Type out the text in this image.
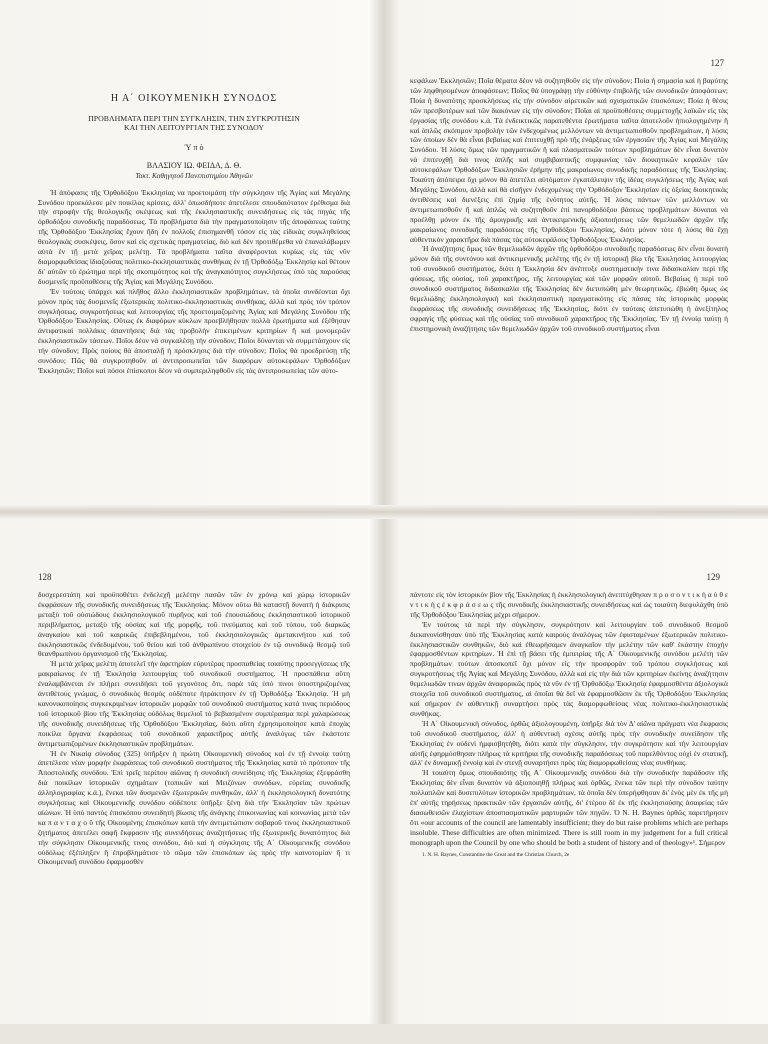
Η Α΄ ΟΙΚΟΥΜΕΝΙΚΗ ΣΥΝΟΔΟΣ
ΠΡΟΒΛΗΜΑΤΑ ΠΕΡΙ ΤΗΝ ΣΥΓΚΛΗΣΙΝ, ΤΗΝ ΣΥΓΚΡΟΤΗΣΙΝ
ΚΑΙ ΤΗΝ ΛΕΙΤΟΥΡΓΙΑΝ ΤΗΣ ΣΥΝΟΔΟΥ
Ὑ π ὸ
ΒΛΑΣΙΟΥ ΙΩ. ΦΕΙΔΑ, Δ. Θ.
Τακτ. Καθηγητοῦ Πανεπιστημίου Ἀθηνῶν

Ἡ ἀπόφασις τῆς Ὀρθοδόξου Ἐκκλησίας να προετοιμάση τὴν σύγκλησιν τῆς Ἁγίας καὶ Μεγάλης Συνόδου προεκάλεσε μὲν ποικίλας κρίσεις, ἀλλ' ὁπωσδήποτε ἀπετέλεσε σπουδαιότατον ἐρέθισμα διὰ τὴν στροφὴν τῆς θεολογικῆς σκέψεως καὶ τῆς ἐκκλησιαστικῆς συνειδήσεως εἰς τὰς πηγὰς τῆς ὀρθοδόξου συνοδικῆς παραδόσεως. Τὰ προβλήματα διὰ τὴν πραγματοποίησιν τῆς ἀποφάσεως ταύτης τῆς Ὀρθοδόξου Ἐκκλησίας ἔχουν ἤδη ἐν πολλοῖς ἐπισημανθῆ τόσον εἰς τὰς εἰδικὰς συγκληθείσας θεολογικὰς συσκέψεις, ὅσον καὶ εἰς σχετικὰς πραγματείας, διὸ καὶ δὲν προτιθέμεθα νὰ ἐπαναλάβωμεν αὐτὰ ἐν τῇ μετὰ χεῖρας μελέτῃ. Τὰ προβλήματα ταῦτα ἀναφέρονται κυρίως εἰς τὰς νῦν διαμορφωθείσας ἰδιαζούσας πολιτικο-ἐκκλησιαστικὰς συνθήκας ἐν τῇ Ὀρθοδόξῳ Ἐκκλησίᾳ καὶ θέτουν δι' αὐτῶν τὸ ἐρώτημα περὶ τῆς σκοπιμότητος καὶ τῆς ἀναγκαιότητος συγκλήσεως ὑπὸ τὰς παρούσας δυσμενεῖς προϋποθέσεις τῆς Ἁγίας καὶ Μεγάλης Συνόδου.

Ἐν τούτοις ὑπάρχει καὶ πλῆθος ἄλλο ἐκκλησιαστικῶν προβλημάτων, τὰ ὁποῖα συνδέονται ὄχι μόνον πρὸς τὰς δυσμενεῖς ἐξωτερικὰς πολιτικο-ἐκκλησιαστικὰς συνθήκας, ἀλλὰ καὶ πρὸς τὸν τρόπον συγκλήσεως, συγκροτήσεως καὶ λειτουργίας τῆς προετοιμαζομένης Ἁγίας καὶ Μεγάλης Συνόδου τῆς Ὀρθοδόξου Ἐκκλησίας. Οὕτως ἐκ διαφόρων κύκλων προεβλήθησαν πολλὰ ἐρωτήματα καὶ ἐξέθησαν ἀντιφατικαὶ πολλάκις ἀπαντήσεις διὰ τὰς προβολὴν ἐπικειμένων κριτηρίων ἢ καὶ μονομερῶν ἐκκλησιαστικῶν τάσεων. Ποῖοι δέον νὰ συγκαλέσῃ τὴν σύνοδον; Ποῖοι δύνανται νὰ συμμετάσχουν εἰς τὴν σύνοδον; Πρὸς ποίους θὰ ἀποσταλῇ ἡ πρόσκλησις διὰ τὴν σύνοδον; Ποῖος θὰ προεδρεύσῃ τῆς συνόδου; Πῶς θὰ συγκροτηθοῦν αἱ ἀντιπροσωπεῖαι τῶν διαφόρων αὐτοκεφάλων Ὀρθοδόξων Ἐκκλησιῶν; Ποῖοι καὶ πόσοι ἐπίσκοποι δέον νὰ συμπεριληφθοῦν εἰς τὰς ἀντιπροσωπείας τῶν αὐτο-

127

κεφάλων Ἐκκλησιῶν; Ποῖα θέματα δέον νὰ συζητηθοῦν εἰς τὴν σύνοδον; Ποία ἡ σημασία καὶ ἡ βαρύτης τῶν ληφθησομένων ἀποφάσεων; Ποῖος θὰ ὑπογράψῃ τὴν εὐθύνην ἐπιβολῆς τῶν συνοδικῶν ἀποφάσεων; Ποία ἡ δυνατότης προσκλήσεως εἰς τὴν σύνοδον αἱρετικῶν καὶ σχισματικῶν ἐπισκόπων; Ποία ἡ θέσις τῶν πρεσβυτέρων καὶ τῶν διακόνων εἰς τὴν σύνοδον; Ποῖαι αἱ προϋποθέσεις συμμετοχῆς λαϊκῶν εἰς τὰς ἐργασίας τῆς συνόδου κ.ά. Τὰ ἐνδεικτικῶς παρατεθέντα ἐρωτήματα ταῦτα ἀποτελοῦν ἠπιολογημένην ἢ καὶ ἁπλῶς σκόπιμον προβολὴν τῶν ἐνδεχομένως μελλόντων νὰ ἀντιμετωπισθοῦν προβλημάτων, ἡ λύσις τῶν ὁποίων δὲν θὰ εἶναι βεβαίως καὶ ἐπιτευχθῇ πρὸ τῆς ἐνάρξεως τῶν ἐργασιῶν τῆς Ἁγίας καὶ Μεγάλης Συνόδου. Ἡ λύσις ὅμως τῶν πραγματικῶν ἢ καὶ πλασματικῶν τούτων προβλημάτων δὲν εἶναι δυνατὸν νὰ ἐπιτευχθῇ διὰ τινος ἁπλῆς καὶ συμβιβαστικῆς συμφωνίας τῶν διοικητικῶν κεφαλῶν τῶν αὐτοκεφάλων Ὀρθοδόξων Ἐκκλησιῶν ἐρήμην τῆς μακραίωνος συνοδικῆς παραδόσεως τῆς Ἐκκλησίας. Τοιαύτη ἀπόπειρα ὄχι μόνον θὰ ἀπετέλει αὐτόματον ἐγκατάλειψιν τῆς ἰδέας συγκλήσεως τῆς Ἁγίας καὶ Μεγάλης Συνόδου, ἀλλὰ καὶ θὰ εἰσῆγεν ἐνδεχομένως τὴν Ὀρθόδοξον Ἐκκλησίαν εἰς ὀξείας διοικητικὰς ἀντιθέσεις καὶ διενέξεις ἐπὶ ζημίᾳ τῆς ἑνότητος αὐτῆς. Ἡ λύσις πάντων τῶν μελλόντων νὰ ἀντιμετωπισθοῦν ἢ καὶ ἁπλῶς νὰ συζητηθοῦν ἐπὶ πανορθοδόξου βάσεως προβλημάτων δύναται νὰ προέλθῃ μόνον ἐκ τῆς ἀμοιγρικῆς καὶ ἀντικειμενικῆς ἀξιοποιήσεως τῶν θεμελιωδῶν ἀρχῶν τῆς μακραίωνος συνοδικῆς παραδόσεως τῆς Ὀρθοδόξου Ἐκκλησίας, διότι μόνον τότε ἡ λύσις θὰ ἔχῃ αὐθεντικὸν χαρακτῆρα διὰ πάσας τὰς αὐτοκεφάλους Ὀρθοδόξους Ἐκκλησίας.

Ἡ ἀναζήτησις ὅμως τῶν θεμελιωδῶν ἀρχῶν τῆς ὀρθοδόξου συνοδικῆς παραδόσεως δὲν εἶναι δυνατὴ μόνον διὰ τῆς συντόνου καὶ ἀντικειμενικῆς μελέτης τῆς ἐν τῇ ἱστορικῇ βίῳ τῆς Ἐκκλησίας λειτουργίας τοῦ συνοδικοῦ συστήματος, διότι ἡ Ἐκκλησία δὲν ἀνέπτυξε συστηματικήν τινα διδασκαλίαν περὶ τῆς φύσεως, τῆς οὐσίας, τοῦ χαρακτῆρος, τῆς λειτουργίας καὶ τῶν μορφῶν αὐτοῦ. Βεβαίως ἡ περὶ τοῦ συνοδικοῦ συστήματος διδασκαλία τῆς Ἐκκλησίας δὲν διετυπώθη μὲν θεωρητικῶς, ἐβιώθη ὅμως ὡς θεμελιώδης ἐκκλησιολογικὴ καὶ ἐκκλησιαστικὴ πραγματικότης εἰς πάσας τὰς ἱστορικὰς μορφὰς ἐκφράσεως τῆς συνοδικῆς συνειδήσεως τῆς Ἐκκλησίας, διότι ἐν ταύταις ἀπετυπώθη ἡ ἀνεξίτηλος σφραγὶς τῆς φύσεως καὶ τῆς οὐσίας τοῦ συνοδικοῦ χαρακτῆρος τῆς Ἐκκλησίας. Ἐν τῇ ἐννοίᾳ ταύτῃ ἡ ἐπιστημονικὴ ἀναζήτησις τῶν θεμελιωδῶν ἀρχῶν τοῦ συνοδικοῦ συστήματος εἶναι

128

δυσχερεστάτη καὶ προϋποθέτει ἐνδελεχῆ μελέτην πασῶν τῶν ἐν χρόνῳ καὶ χώρῳ ἱστορικῶν ἐκφράσεων τῆς συνοδικῆς συνειδήσεως τῆς Ἐκκλησίας. Μόνον οὕτω θὰ καταστῇ δυνατὴ ἡ διάκρισις μεταξὺ τοῦ οὐσιώδους ἐκκλησιολογικοῦ πυρῆνος καὶ τοῦ ἐπουσιώδους ἐκκλησιαστικοῦ ἱστορικοῦ περιβλήματος, μεταξὺ τῆς οὐσίας καὶ τῆς μορφῆς, τοῦ πνεύματος καὶ τοῦ τύπου, τοῦ διαρκῶς ἀναγκαίου καὶ τοῦ καιρικῶς ἐπιβεβλημένου, τοῦ ἐκκλησιολογικῶς ἀμετακινήτου καὶ τοῦ ἐκκλησιαστικῶς ἐνδεδυμένου, τοῦ θείου καὶ τοῦ ἀνθρωπίνου στοιχείου ἐν τῷ συνοδικῷ θεσμῷ τοῦ θεανθρωπίνου ὀργανισμοῦ τῆς Ἐκκλησίας.

Ἡ μετὰ χεῖρας μελέτη ἀποτελεῖ τὴν ἀφετηρίαν εὐρυτέρας προσπαθείας τοιαύτης προσεγγίσεως τῆς μακραίωνος ἐν τῇ Ἐκκλησίᾳ λειτουργίας τοῦ συνοδικοῦ συστήματος. Ἡ προσπάθεια αὕτη ἐναλαμβάνεται ἐν πλήρει συνειδήσει τοῦ γεγονότος ὅτι, παρὰ τὰς ὑπὸ πινοι ὑποστηριζομένας ἀντιθέτους γνώμας, ὁ συνοδικὸς θεσμὸς οὐδέποτε ἠτράκτησεν ἐν τῇ Ὀρθοδόξῳ Ἐκκλησίᾳ. Ἡ μὴ κανονικοποίησις συγκεκριμένων ἱστορικῶν μορφῶν τοῦ συνοδικοῦ συστήματος κατά τινας περιόδους τοῦ ἱστορικοῦ βίου τῆς Ἐκκλησίας οὐδόλως θεμελιοῖ τὸ βεβιασμένον συμπέρασμα περὶ χαλαρώσεως τῆς συνοδικῆς συνειδήσεως τῆς Ὀρθοδόξου Ἐκκλησίας, διότι αὕτη ἐχρησιμοποίησε κατὰ ἐποχὰς ποικίλα ὄργανα ἐκφράσεως τοῦ συνοδικοῦ χαρακτῆρος αὐτῆς ἀναλόγως τῶν ἑκάστοτε ἀντιμετωπιζομένων ἐκκλησιαστικῶν προβλημάτων.

Ἡ ἐν Νικαίᾳ σύνοδος (325) ὑπῆρξεν ἡ πρώτη Οἰκουμενικὴ σύνοδος καὶ ἐν τῇ ἐννοίᾳ ταύτῃ ἀπετέλεσε νέαν μορφὴν ἐκφράσεως τοῦ συνοδικοῦ συστήματος τῆς Ἐκκλησίας κατὰ τὸ πρότυπον τῆς Ἀποστολικῆς συνόδου. Ἐπὶ τρεῖς περίπου αἰῶνας ἡ συνοδικὴ συνείδησις τῆς Ἐκκλησίας ἐξεφράσθη διὰ ποικίλων ἱστορικῶν σχημάτων (τοπικῶν καὶ Μειζόνων συνόδων, εὐρείας συνοδικῆς ἀλληλογραφίας κ.ά.), ἕνεκα τῶν δυσμενῶν ἐξωτερικῶν συνθηκῶν, ἀλλ' ἡ ἐκκλησιολογικὴ δυνατότης συγκλήσεως καὶ Οἰκουμενικῆς συνόδου οὐδέποτε ὑπῆρξε ξένη διὰ τὴν Ἐκκλησίαν τῶν πρώτων αἰώνων. Ἡ ὑπὸ παντὸς ἐπισκόπου συνειδητὴ βίωσις τῆς ἀνάγκης ἐπικοινωνίας καὶ κοινωνίας μετὰ τῶν κα π α ν τ α χ ο ῦ τῆς Οἰκουμένης ἐπισκόπων κατὰ τὴν ἀντιμετώπισιν σοβαροῦ τινος ἐκκλησιαστικοῦ ζητήματος ἀπετέλει σαφῆ ἔκφρασιν τῆς συνειδήσεως ἀναζητήσεως τῆς ἐξωτερικῆς δυνατότητος διὰ τὴν σύγκλησιν Οἰκουμενικῆς τινος συνόδου, διὸ καὶ ἡ σύγκλησις τῆς Α΄ Οἰκουμενικῆς συνόδου οὐδόλως ἐξέπληξεν ἢ ἐπροβλημάτισε τὸ σῶμα τῶν ἐπισκόπων ὡς πρὸς τὴν καινοτομίαν ἤ τι Οἰκουμενικῆ συνόδου ἐφαρμοσθὲν

129

πάντοτε εἰς τὸν ἱστορικὸν βίον τῆς Ἐκκλησίας ἡ ἐκκλησιολογικὴ ἀνεπτύχθησαν π ρ ο σ ο ν τ ι κ ὴ α ὐ θ ε ν τ ι κ ὴ ς ἐ κ φ ρ ά σ ε ω ς τῆς συνοδικῆς ἐκκλησιαστικῆς συνειδήσεως καὶ ὡς τοιαύτη διεφυλάχθη ὑπὸ τῆς Ὀρθοδόξου Ἐκκλησίας μέχρι σήμερον.

Ἐν τούτοις τὰ περὶ τὴν σύγκλησιν, συγκρότησιν καὶ λειτουργίαν τοῦ συνοδικοῦ θεσμοῦ διεκανονίσθησαν ὑπὸ τῆς Ἐκκλησίας κατὰ καιροὺς ἀναλόγως τῶν ἐφισταμένων ἐξωτερικῶν πολιτικο-ἐκκλησιαστικῶν συνθηκῶν, διὸ καὶ ἐθεωρήσαμεν ἀναγκαῖον τὴν μελέτην τῶν καθ' ἑκάστην ἐποχὴν ἐφαρμοσθέντων κριτηρίων. Ἡ ἐπὶ τῇ βάσει τῆς ἐμπειρίας τῆς Α΄ Οἰκουμενικῆς συνόδου μελέτη τῶν προβλημάτων τούτων ἀποσκοπεῖ ὄχι μόνον εἰς τὴν προσφορὰν τοῦ τρόπου συγκλήσεως καὶ συγκροτήσεως τῆς Ἁγίας καὶ Μεγάλης Συνόδου, ἀλλὰ καὶ εἰς τὴν διὰ τῶν κριτηρίων ἐκείνης ἀναζήτησιν θεμελιωδῶν τινων ἀρχῶν ἀναφορικῶς πρὸς τὰ νῦν ἐν τῇ Ὀρθοδόξῳ Ἐκκλησίᾳ ἐφαρμοσθέντα ἀξιολογικὰ στοιχεῖα τοῦ συνοδικοῦ συστήματος, αἱ ὁποῖαι θὰ δεῖ νὰ ἐφαρμοσθῶσιν ἐκ τῆς Ὀρθοδόξου Ἐκκλησίας καὶ σήμερον ἐν αὐθεντικῇ συναρτήσει πρὸς τὰς διαμορφωθείσας νέας πολιτικο-ἐκκλησιαστικὰς συνθήκας.

Ἡ Α΄ Οἰκουμενικὴ σύνοδος, ὀρθῶς ἀξιολογουμένη, ὑπῆρξε διὰ τὸν Δ' αἰῶνα πράγματι νέα ἔκφρασις τοῦ συνοδικοῦ συστήματος, ἀλλ' ἡ αὐθεντικὴ σχέσις αὐτῆς πρὸς τὴν συνοδικὴν συνείδησιν τῆς Ἐκκλησίας ἐν οὐδενὶ ἠμφισβητήθη, διότι κατὰ τὴν σύγκλησιν, τὴν συγκρότησιν καὶ τὴν λειτουργίαν αὐτῆς ἐφηρμόσθησαν πλήρως τὰ κριτήρια τῆς συνοδικῆς παραδόσεως τοῦ παρελθόντος οὐχὶ ἐν στατικῇ, ἀλλ' ἐν δυναμικῇ ἐννοίᾳ καὶ ἐν στενῇ συναρτήσει πρὸς τὰς διαμορφωθείσας νέας συνθήκας.

Ἡ τοιαύτη ὅμως σπουδαιότης τῆς Α΄ Οἰκουμενικῆς συνόδου διὰ τὴν συνοδικὴν παράδοσιν τῆς Ἐκκλησίας δὲν εἶναι δυνατὸν νὰ ἀξιοποιηθῇ πλήρως καὶ ὀρθῶς, ἕνεκα τῶν περὶ τὴν σύνοδον ταύτην πολλαπλῶν καὶ δυσεπιλύτων ἱστορικῶν προβλημάτων, τὰ ὁποῖα δὲν ὑπερήφθησαν δι' ἑνὸς μὲν ἐκ τῆς μὴ ἐπ' αὐτῆς τηρήσεως πρακτικῶν τῶν ἐργασιῶν αὐτῆς, δι' ἑτέρου δὲ ἐκ τῆς ἐκκλησιούσης ἀσαφείας τῶν διασωθεισῶν ἐλαχίστων ἀποσπασματικῶν μαρτυριῶν τῶν πηγῶν. Ὁ Ν. Η. Baynes ὀρθῶς παρετήρησεν ὅτι «our accounts of the council are lamentably insufficient; they do but raise problems which are perhaps insoluble. These difficulties are often minimized. There is still room in my judgement for a full critical monograph upon the Council by one who should be both a student of history and of theology»¹. Σήμερον

1. N. H. Baynes, Constantine the Great and the Christian Church, 2e
